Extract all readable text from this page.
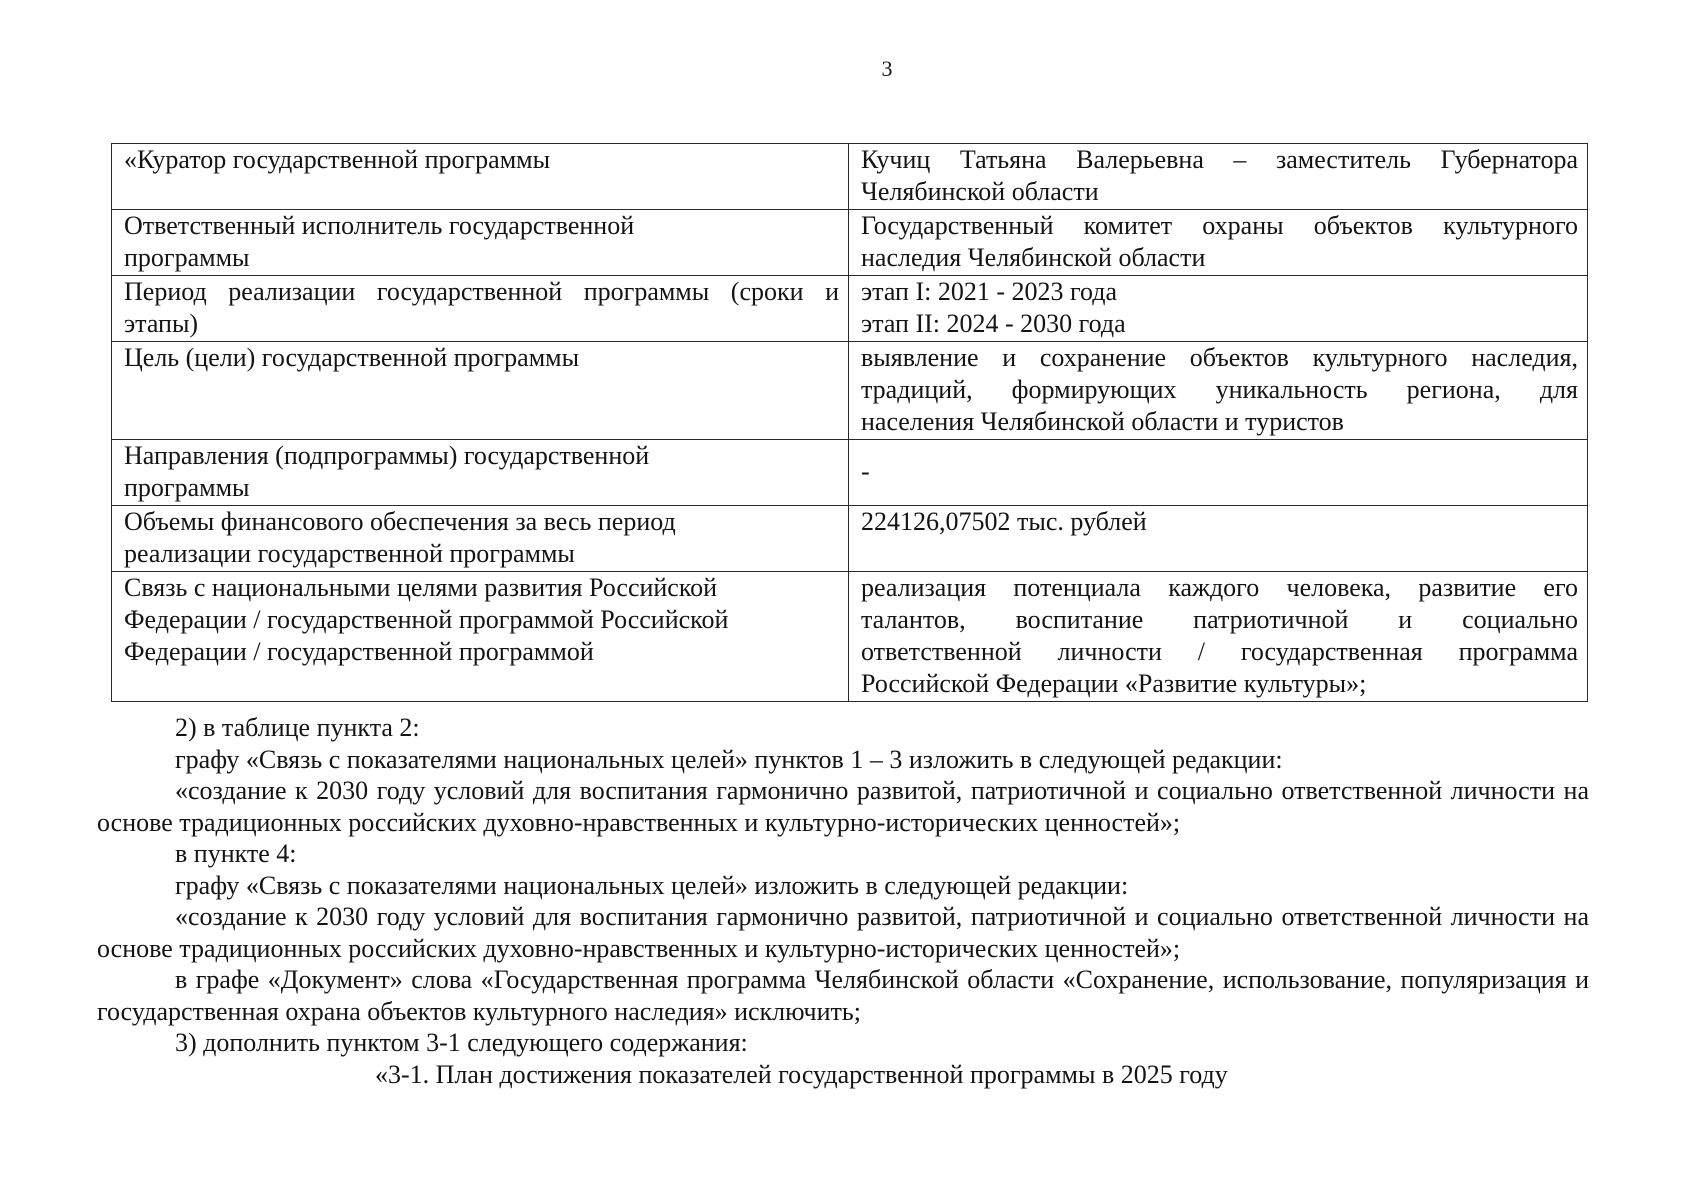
3
«Куратор государственной программы	Кучиц Татьяна Валерьевна – заместитель Губернатора
Челябинской области

Ответственный исполнитель государственной
программы	Государственный комитет охраны объектов культурного
наследия Челябинской области

Период реализации государственной программы (сроки и
этапы)	этап I: 2021 - 2023 года
этап II: 2024 - 2030 года

Цель (цели) государственной программы	выявление и сохранение объектов культурного наследия,
традиций, формирующих уникальность региона, для
населения Челябинской области и туристов

Направления (подпрограммы) государственной
программы	-

Объемы финансового обеспечения за весь период
реализации государственной программы	224126,07502 тыс. рублей

Связь с национальными целями развития Российской
Федерации / государственной программой Российской
Федерации / государственной программой	реализация потенциала каждого человека, развитие его
талантов, воспитание патриотичной и социально
ответственной личности / государственная программа
Российской Федерации «Развитие культуры»;

2) в таблице пункта 2:

графу «Связь с показателями национальных целей» пунктов 1 – 3 изложить в следующей редакции:

«создание к 2030 году условий для воспитания гармонично развитой, патриотичной и социально ответственной личности на основе традиционных российских духовно-нравственных и культурно-исторических ценностей»;

в пункте 4:

графу «Связь с показателями национальных целей» изложить в следующей редакции:

«создание к 2030 году условий для воспитания гармонично развитой, патриотичной и социально ответственной личности на основе традиционных российских духовно-нравственных и культурно-исторических ценностей»;

в графе «Документ» слова «Государственная программа Челябинской области «Сохранение, использование, популяризация и государственная охрана объектов культурного наследия» исключить;

3) дополнить пунктом 3-1 следующего содержания:

«3-1. План достижения показателей государственной программы в 2025 году
